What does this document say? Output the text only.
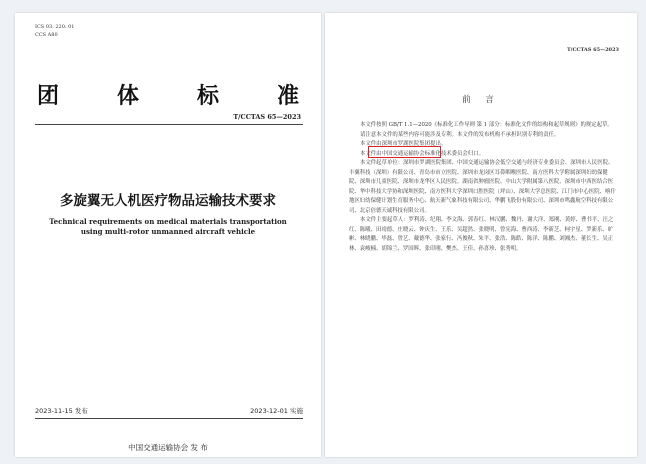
ICS 03. 220. 01
CCS A80
团	体	标	准
T/CCTAS 65—2023
多旋翼无人机医疗物品运输技术要求
Technical requirements on medical materials transportation
using multi-rotor unmanned aircraft vehicle
2023-11-15 发布	2023-12-01 实施
中国交通运输协会 发 布
T/CCTAS 65—2023
前 言

本文件按照 GB/T 1.1—2020《标准化工作导则 第 1 部分：标准化文件的结构和起草规则》的规定起草。

请注意本文件的某些内容可能涉及专利。本文件的发布机构不承担识别专利的责任。

本文件由深圳市罗湖医院集团提出。

本文件由中国交通运输协会标准化技术委员会归口。

本文件起草单位：深圳市罗湖医院集团、中国交通运输协会低空交通与经济专业委员会、深圳市人民医院、丰翼科技（深圳）有限公司、青岛市市立医院、深圳市龙岗区耳鼻咽喉医院、南方医科大学附属深圳妇幼保健院、深圳市儿童医院、深圳市龙华区人民医院、湖南省肿瘤医院、中山大学附属第八医院、深圳市中西医结合医院、华中科技大学协和深圳医院、南方医科大学深圳口腔医院（坪山）、深圳大学总医院、江门市中心医院、喀什地区妇幼保健计划生育服务中心、航天新气象科技有限公司、华鹏飞股份有限公司、深圳市鸣鑫航空科技有限公司、北京倍德天诚科技有限公司。

本文件主要起草人：罗利涛、纪翔、李文海、郭春红、林汉鹏、魏丹、谢大洋、郑刚、黄婷、曹书平、汪之红、陈曦、田靖德、庄晓云、钟庆生、王乐、吴超然、张晓明、曾宪海、曹西涛、李新芝、柯宇星、罗新乐、旷彬、林晓鹏、毕磊、曾艺、戴德华、张家行、冯俊秋、朱平、张浩、陈皓、陈洋、陈鹏、刘湘杰、董长生、吴正林、袁峻楠、胡锦兰、罗国辉、张印刚、樊杰、王佳、孙喜珍、张秀明。
